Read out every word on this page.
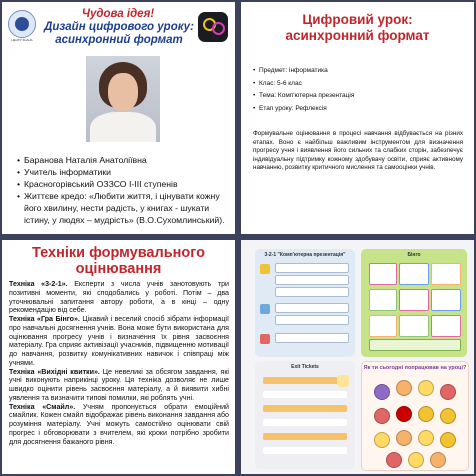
ЦЕНТР ЗНАНЬ
Чудова ідея!
Дизайн цифрового уроку: асинхронний формат
• Баранова Наталія Анатоліївна
• Учитель інформатики
• Красногорівський ОЗЗСО І-ІІІ ступенів
• Життєве кредо: «Любити життя, і цінувати кожну його хвилину, нести радість, у книгах - шукати істину, у людях – мудрість» (В.О.Сухомлинський).
Цифровий урок:
асинхронний формат
• Предмет: інформатика
• Клас: 5-6 клас
• Тема: Комп'ютерна презентація
• Етап уроку: Рефлексія
Формувальне оцінювання в процесі навчання відбувається на різних етапах. Воно є найбільш важливим інструментом для визначення прогресу учня і виявлення його сильних та слабких сторін, забезпечує індивідуальну підтримку кожному здобувачу освіти, сприяє активному навчанню, розвитку критичного мислення та самооцінки учнів.
Техніки формувального оцінювання
Техніка «3-2-1». Експерти з числа учнів занотовують три позитивні моменти, які сподобались у роботі. Потім – два уточнювальні запитання автору роботи, а в кінці – одну рекомендацію від себе.
Техніка «Гра Бінго». Цікавий і веселий спосіб зібрати інформації про навчальні досягнення учнів. Вона може бути використана для оцінювання прогресу учнів і визначення їх рівня засвоєння матеріалу. Гра сприяє активізації учасників, підвищенню мотивації до навчання, розвитку комунікативних навичок і співпраці між учнями.
Техніка «Вихідні квитки». Це невеликі за обсягом завдання, які учні виконують наприкінці уроку. Ця техніка дозволяє не лише швидко оцінити рівень засвоєння матеріалу, а й виявити хибні уявлення та визначити типові помилки, які роблять учні.
Техніка «Смайл». Учням пропонується обрати емоційний смайлик. Кожен смайл відображає рівень виконання завдання або розуміння матеріалу. Учні можуть самостійно оцінювати свій прогрес і обговорювати з вчителем, які кроки потрібно зробити для досягнення бажаного рівня.
3-2-1 "Комп'ютерна презентація"	Бінго
Exit Tickets	Як ти сьогодні попрацював на уроці?
